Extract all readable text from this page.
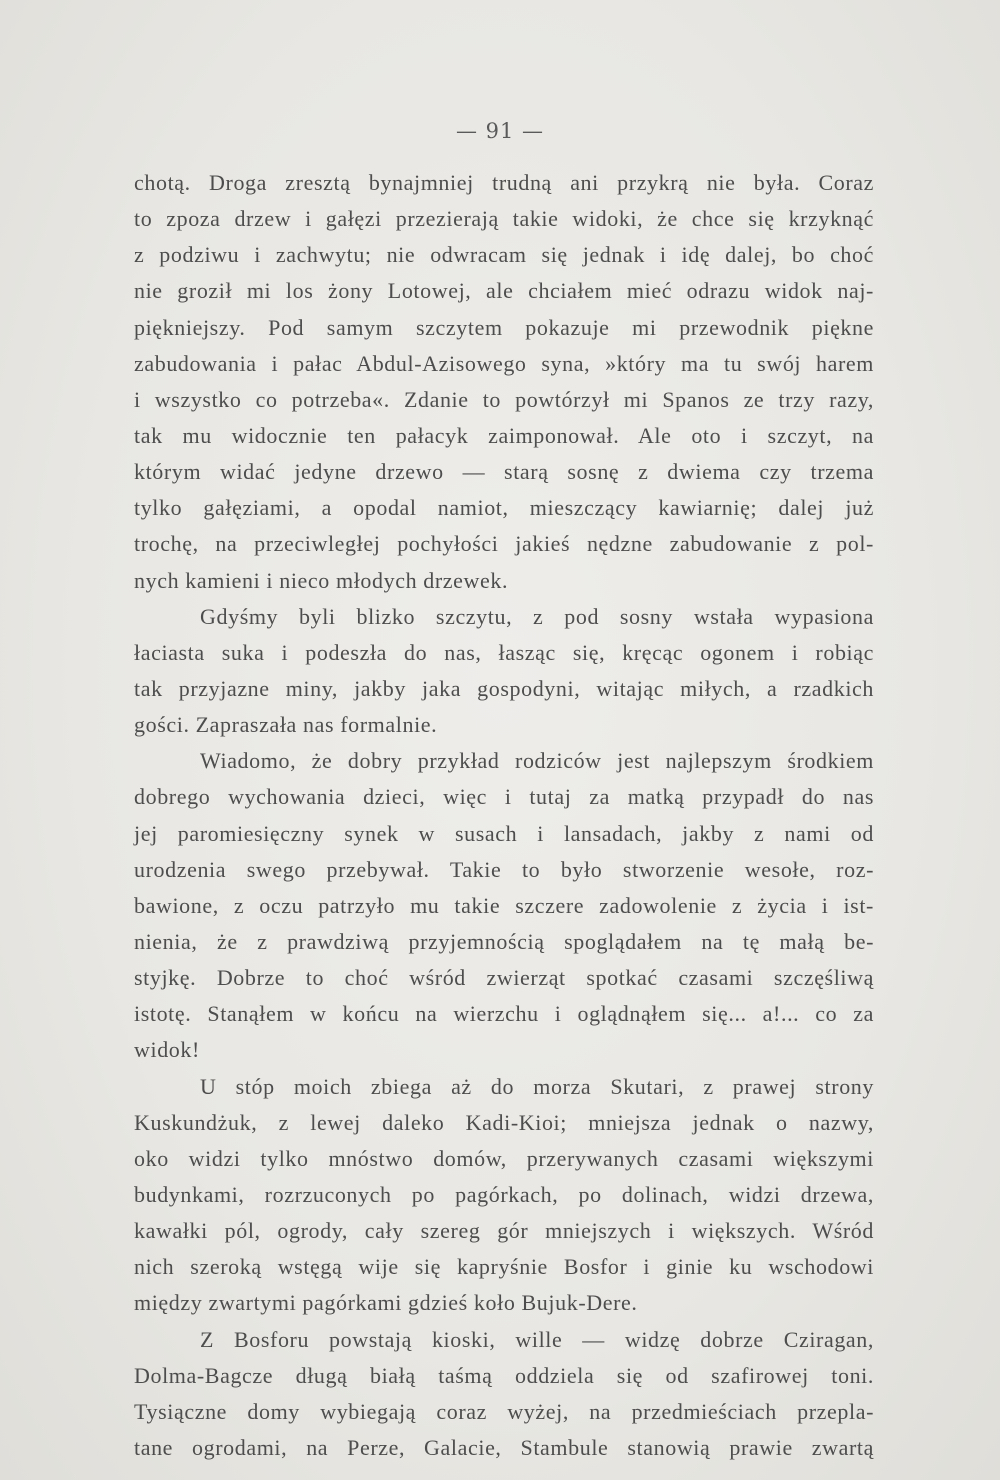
— 91 —
chotą. Droga zresztą bynajmniej trudną ani przykrą nie była. Coraz
to zpoza drzew i gałęzi przezierają takie widoki, że chce się krzyknąć
z podziwu i zachwytu; nie odwracam się jednak i idę dalej, bo choć
nie groził mi los żony Lotowej, ale chciałem mieć odrazu widok naj-
piękniejszy. Pod samym szczytem pokazuje mi przewodnik piękne
zabudowania i pałac Abdul-Azisowego syna, »który ma tu swój harem
i wszystko co potrzeba«. Zdanie to powtórzył mi Spanos ze trzy razy,
tak mu widocznie ten pałacyk zaimponował. Ale oto i szczyt, na
którym widać jedyne drzewo — starą sosnę z dwiema czy trzema
tylko gałęziami, a opodal namiot, mieszczący kawiarnię; dalej już
trochę, na przeciwległej pochyłości jakieś nędzne zabudowanie z pol-
nych kamieni i nieco młodych drzewek.
Gdyśmy byli blizko szczytu, z pod sosny wstała wypasiona
łaciasta suka i podeszła do nas, łasząc się, kręcąc ogonem i robiąc
tak przyjazne miny, jakby jaka gospodyni, witając miłych, a rzadkich
gości. Zapraszała nas formalnie.
Wiadomo, że dobry przykład rodziców jest najlepszym środkiem
dobrego wychowania dzieci, więc i tutaj za matką przypadł do nas
jej paromiesięczny synek w susach i lansadach, jakby z nami od
urodzenia swego przebywał. Takie to było stworzenie wesołe, roz-
bawione, z oczu patrzyło mu takie szczere zadowolenie z życia i ist-
nienia, że z prawdziwą przyjemnością spoglądałem na tę małą be-
styjkę. Dobrze to choć wśród zwierząt spotkać czasami szczęśliwą
istotę. Stanąłem w końcu na wierzchu i oglądnąłem się... a!... co za
widok!
U stóp moich zbiega aż do morza Skutari, z prawej strony
Kuskundżuk, z lewej daleko Kadi-Kioi; mniejsza jednak o nazwy,
oko widzi tylko mnóstwo domów, przerywanych czasami większymi
budynkami, rozrzuconych po pagórkach, po dolinach, widzi drzewa,
kawałki pól, ogrody, cały szereg gór mniejszych i większych. Wśród
nich szeroką wstęgą wije się kapryśnie Bosfor i ginie ku wschodowi
między zwartymi pagórkami gdzieś koło Bujuk-Dere.
Z Bosforu powstają kioski, wille — widzę dobrze Cziragan,
Dolma-Bagcze długą białą taśmą oddziela się od szafirowej toni.
Tysiączne domy wybiegają coraz wyżej, na przedmieściach przepla-
tane ogrodami, na Perze, Galacie, Stambule stanowią prawie zwartą
